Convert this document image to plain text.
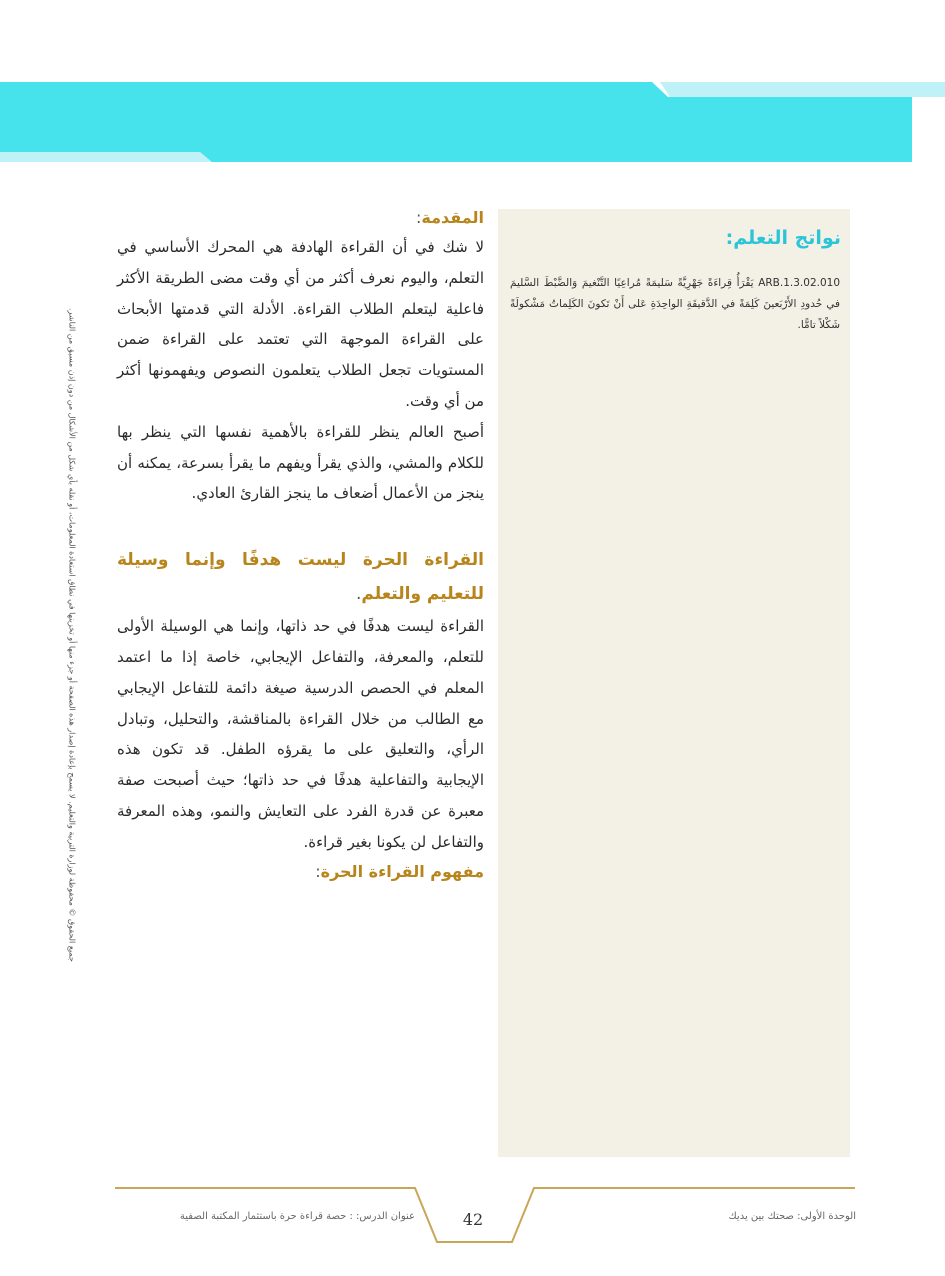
نواتج التعلم:
ARB.1.3.02.010 يَقْرَأُ قِراءَةً جَهْرِيَّةً سَليمَةً مُراعِيًا التَّنْغيمَ وَالضَّبْطَ السَّليمَ في حُدودِ الأَرْبَعينَ كَلِمَةً في الدَّقيقَةِ الواحِدَةِ عَلى أَنْ تَكونَ الكَلِماتُ مَشْكولَةً شَكْلاً تامًّا.
المقدمة:

لا شك في أن القراءة الهادفة هي المحرك الأساسي في التعلم، واليوم نعرف أكثر من أي وقت مضى الطريقة الأكثر فاعلية ليتعلم الطلاب القراءة. الأدلة التي قدمتها الأبحاث على القراءة الموجهة التي تعتمد على القراءة ضمن المستويات تجعل الطلاب يتعلمون النصوص ويفهمونها أكثر من أي وقت.

أصبح العالم ينظر للقراءة بالأهمية نفسها التي ينظر بها للكلام والمشي، والذي يقرأ ويفهم ما يقرأ بسرعة، يمكنه أن ينجز من الأعمال أضعاف ما ينجز القارئ العادي.

القراءة الحرة ليست هدفًا وإنما وسيلة للتعليم والتعلم.

القراءة ليست هدفًا في حد ذاتها، وإنما هي الوسيلة الأولى للتعلم، والمعرفة، والتفاعل الإيجابي، خاصة إذا ما اعتمد المعلم في الحصص الدرسية صيغة دائمة للتفاعل الإيجابي مع الطالب من خلال القراءة بالمناقشة، والتحليل، وتبادل الرأي، والتعليق على ما يقرؤه الطفل. قد تكون هذه الإيجابية والتفاعلية هدفًا في حد ذاتها؛ حيث أصبحت صفة معبرة عن قدرة الفرد على التعايش والنمو، وهذه المعرفة والتفاعل لن يكونا بغير قراءة.

مفهوم القراءة الحرة:
جميع الحقوق © محفوظة لوزارة التربية والتعليم. لا يسمح بإعادة إصدار هذه الصفحة أو جزء منها أو تخزينها في نطاق استعادة المعلومات، أو نقله بأي شكل من الأشكال من دون إذن مسبق من الناشر.
عنوان الدرس: : حصة قراءة حرة باستثمار المكتبة الصفية	42	الوحدة الأولى: صحتك بين يديك
